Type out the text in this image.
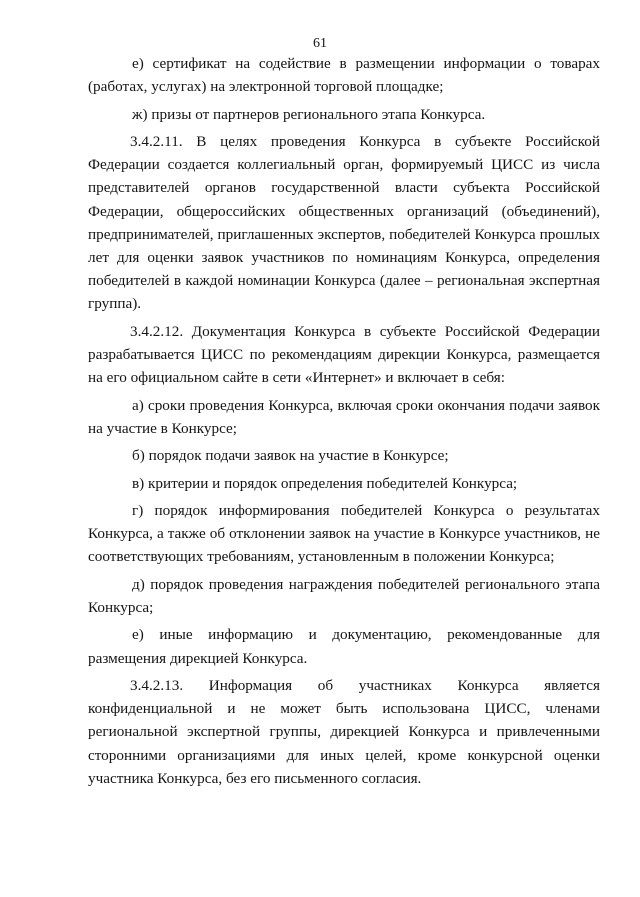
61

е) сертификат на содействие в размещении информации о товарах (работах, услугах) на электронной торговой площадке;

ж) призы от партнеров регионального этапа Конкурса.

3.4.2.11. В целях проведения Конкурса в субъекте Российской Федерации создается коллегиальный орган, формируемый ЦИСС из числа представителей органов государственной власти субъекта Российской Федерации, общероссийских общественных организаций (объединений), предпринимателей, приглашенных экспертов, победителей Конкурса прошлых лет для оценки заявок участников по номинациям Конкурса, определения победителей в каждой номинации Конкурса (далее – региональная экспертная группа).

3.4.2.12. Документация Конкурса в субъекте Российской Федерации разрабатывается ЦИСС по рекомендациям дирекции Конкурса, размещается на его официальном сайте в сети «Интернет» и включает в себя:

а) сроки проведения Конкурса, включая сроки окончания подачи заявок на участие в Конкурсе;

б) порядок подачи заявок на участие в Конкурсе;

в) критерии и порядок определения победителей Конкурса;

г) порядок информирования победителей Конкурса о результатах Конкурса, а также об отклонении заявок на участие в Конкурсе участников, не соответствующих требованиям, установленным в положении Конкурса;

д) порядок проведения награждения победителей регионального этапа Конкурса;

е) иные информацию и документацию, рекомендованные для размещения дирекцией Конкурса.

3.4.2.13. Информация об участниках Конкурса является конфиденциальной и не может быть использована ЦИСС, членами региональной экспертной группы, дирекцией Конкурса и привлеченными сторонними организациями для иных целей, кроме конкурсной оценки участника Конкурса, без его письменного согласия.
